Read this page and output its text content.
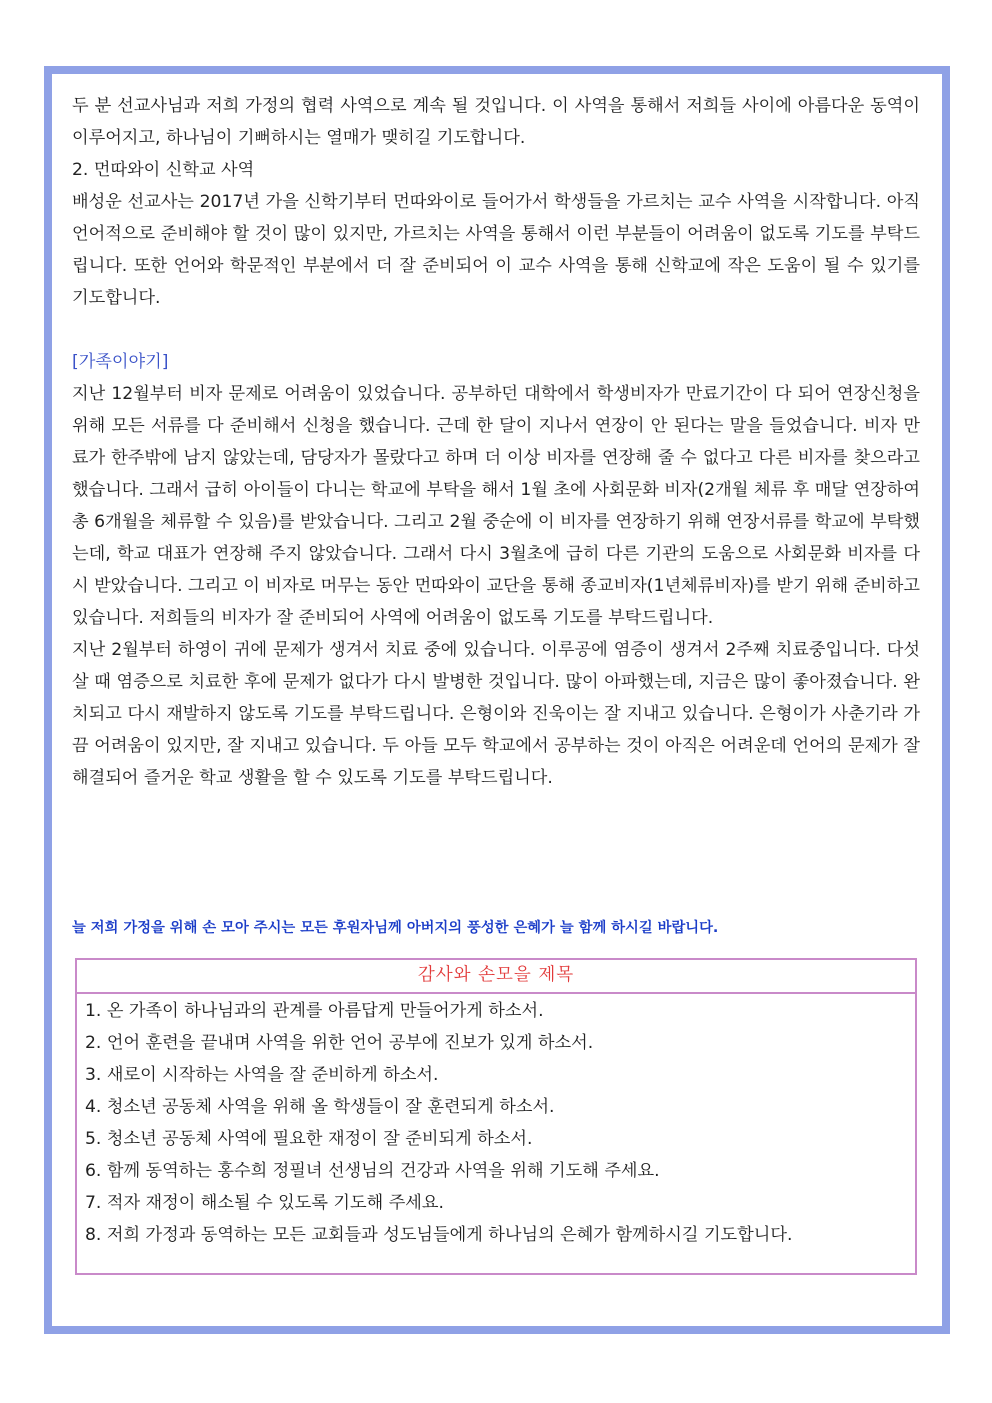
두 분 선교사님과 저희 가정의 협력 사역으로 계속 될 것입니다. 이 사역을 통해서 저희들 사이에 아름다운 동역이 이루어지고, 하나님이 기뻐하시는 열매가 맺히길 기도합니다.

2. 먼따와이 신학교 사역

배성운 선교사는 2017년 가을 신학기부터 먼따와이로 들어가서 학생들을 가르치는 교수 사역을 시작합니다. 아직 언어적으로 준비해야 할 것이 많이 있지만, 가르치는 사역을 통해서 이런 부분들이 어려움이 없도록 기도를 부탁드립니다. 또한 언어와 학문적인 부분에서 더 잘 준비되어 이 교수 사역을 통해 신학교에 작은 도움이 될 수 있기를 기도합니다.

[가족이야기]

지난 12월부터 비자 문제로 어려움이 있었습니다. 공부하던 대학에서 학생비자가 만료기간이 다 되어 연장신청을 위해 모든 서류를 다 준비해서 신청을 했습니다. 근데 한 달이 지나서 연장이 안 된다는 말을 들었습니다. 비자 만료가 한주밖에 남지 않았는데, 담당자가 몰랐다고 하며 더 이상 비자를 연장해 줄 수 없다고 다른 비자를 찾으라고 했습니다. 그래서 급히 아이들이 다니는 학교에 부탁을 해서 1월 초에 사회문화 비자(2개월 체류 후 매달 연장하여 총 6개월을 체류할 수 있음)를 받았습니다. 그리고 2월 중순에 이 비자를 연장하기 위해 연장서류를 학교에 부탁했는데, 학교 대표가 연장해 주지 않았습니다. 그래서 다시 3월초에 급히 다른 기관의 도움으로 사회문화 비자를 다시 받았습니다. 그리고 이 비자로 머무는 동안 먼따와이 교단을 통해 종교비자(1년체류비자)를 받기 위해 준비하고 있습니다. 저희들의 비자가 잘 준비되어 사역에 어려움이 없도록 기도를 부탁드립니다.

지난 2월부터 하영이 귀에 문제가 생겨서 치료 중에 있습니다. 이루공에 염증이 생겨서 2주째 치료중입니다. 다섯 살 때 염증으로 치료한 후에 문제가 없다가 다시 발병한 것입니다. 많이 아파했는데, 지금은 많이 좋아졌습니다. 완치되고 다시 재발하지 않도록 기도를 부탁드립니다. 은형이와 진욱이는 잘 지내고 있습니다. 은형이가 사춘기라 가끔 어려움이 있지만, 잘 지내고 있습니다. 두 아들 모두 학교에서 공부하는 것이 아직은 어려운데 언어의 문제가 잘 해결되어 즐거운 학교 생활을 할 수 있도록 기도를 부탁드립니다.

늘 저희 가정을 위해 손 모아 주시는 모든 후원자님께 아버지의 풍성한 은혜가 늘 함께 하시길 바랍니다.
감사와 손모을 제목
1. 온 가족이 하나님과의 관계를 아름답게 만들어가게 하소서.
2. 언어 훈련을 끝내며 사역을 위한 언어 공부에 진보가 있게 하소서.
3. 새로이 시작하는 사역을 잘 준비하게 하소서.
4. 청소년 공동체 사역을 위해 올 학생들이 잘 훈련되게 하소서.
5. 청소년 공동체 사역에 필요한 재정이 잘 준비되게 하소서.
6. 함께 동역하는 홍수희 정필녀 선생님의 건강과 사역을 위해 기도해 주세요.
7. 적자 재정이 해소될 수 있도록 기도해 주세요.
8. 저희 가정과 동역하는 모든 교회들과 성도님들에게 하나님의 은혜가 함께하시길 기도합니다.
